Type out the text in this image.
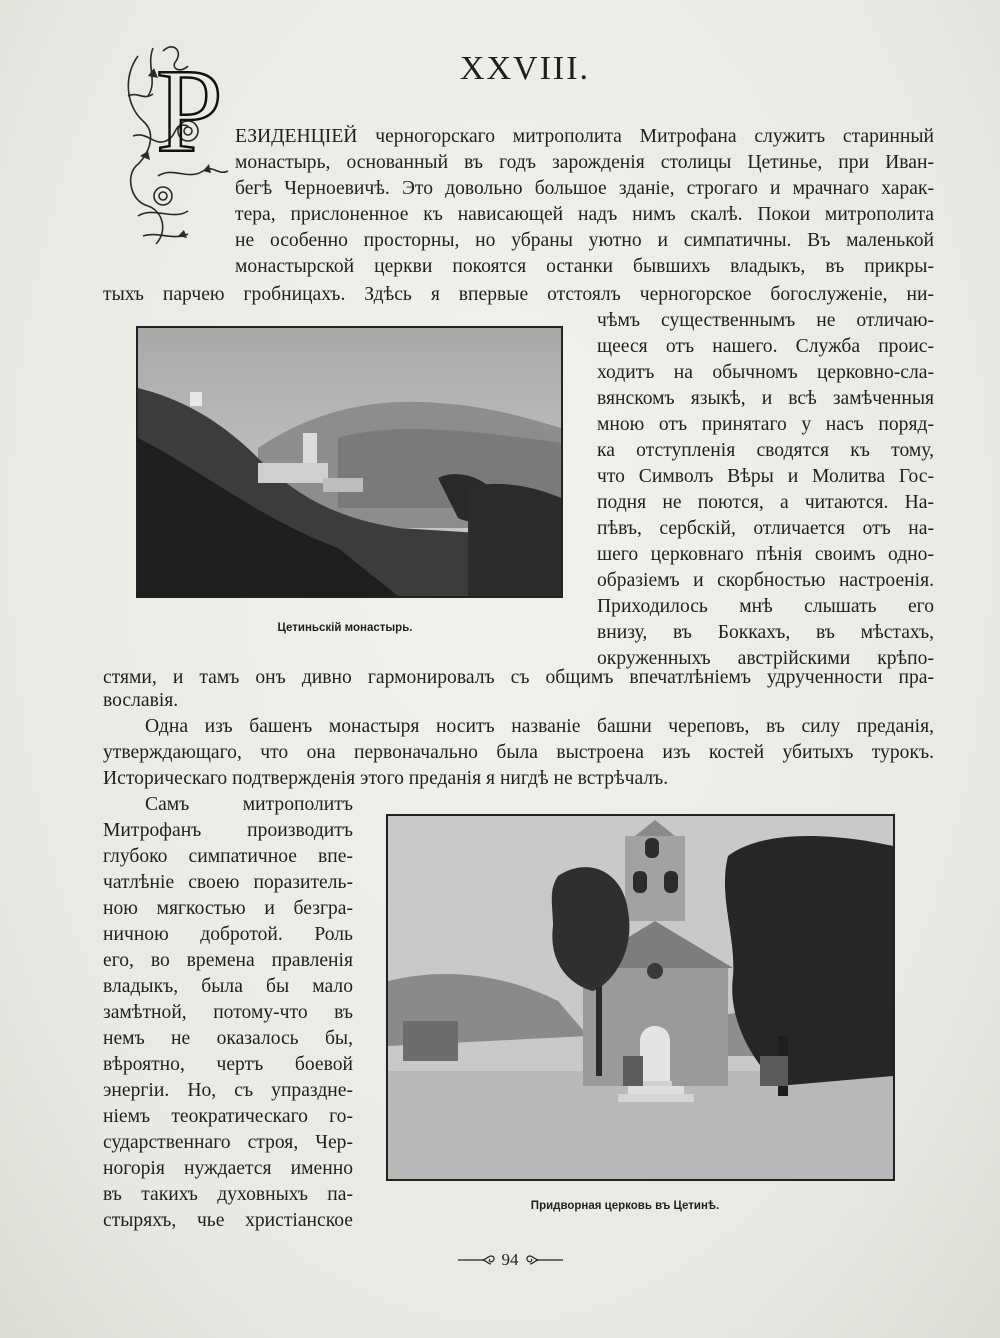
XXVIII.
Р ЕЗИДЕНЦІЕЙ черногорскаго митрополита Митрофана служитъ старинный
монастырь, основанный въ годъ зарожденія столицы Цетинье, при Иван-
бегѣ Черноевичѣ. Это довольно большое зданіе, строгаго и мрачнаго харак-
тера, прислоненное къ нависающей надъ нимъ скалѣ. Покои митрополита
не особенно просторны, но убраны уютно и симпатичны. Въ маленькой
монастырской церкви покоятся останки бывшихъ владыкъ, въ прикры-
тыхъ парчею гробницахъ. Здѣсь я впервые отстоялъ черногорское богослуженіе, ни-
чѣмъ существеннымъ не отличаю-
щееся отъ нашего. Служба проис-
ходитъ на обычномъ церковно-сла-
вянскомъ языкѣ, и всѣ замѣченныя
мною отъ принятаго у насъ поряд-
ка отступленія сводятся къ тому,
что Символъ Вѣры и Молитва Гос-
подня не поются, а читаются. На-
пѣвъ, сербскій, отличается отъ на-
шего церковнаго пѣнія своимъ одно-
образіемъ и скорбностью настроенія.
Приходилось мнѣ слышать его
внизу, въ Боккахъ, въ мѣстахъ,
окруженныхъ австрійскими крѣпо-
стями, и тамъ онъ дивно гармонировалъ съ общимъ впечатлѣніемъ удрученности пра-
вославія.
Одна изъ башенъ монастыря носитъ названіе башни череповъ, въ силу преданія,
утверждающаго, что она первоначально была выстроена изъ костей убитыхъ турокъ.
Историческаго подтвержденія этого преданія я нигдѣ не встрѣчалъ.
Самъ митрополитъ
Митрофанъ производитъ
глубоко симпатичное впе-
чатлѣніе своею поразитель-
ною мягкостью и безгра-
ничною добротой. Роль
его, во времена правленія
владыкъ, была бы мало
замѣтной, потому-что въ
немъ не оказалось бы,
вѣроятно, чертъ боевой
энергіи. Но, съ упраздне-
ніемъ теократическаго го-
сударственнаго строя, Чер-
ногорія нуждается именно
въ такихъ духовныхъ па-
стыряхъ, чье христіанское
Цетиньскій монастырь.
Придворная церковь въ Цетинѣ.
94
